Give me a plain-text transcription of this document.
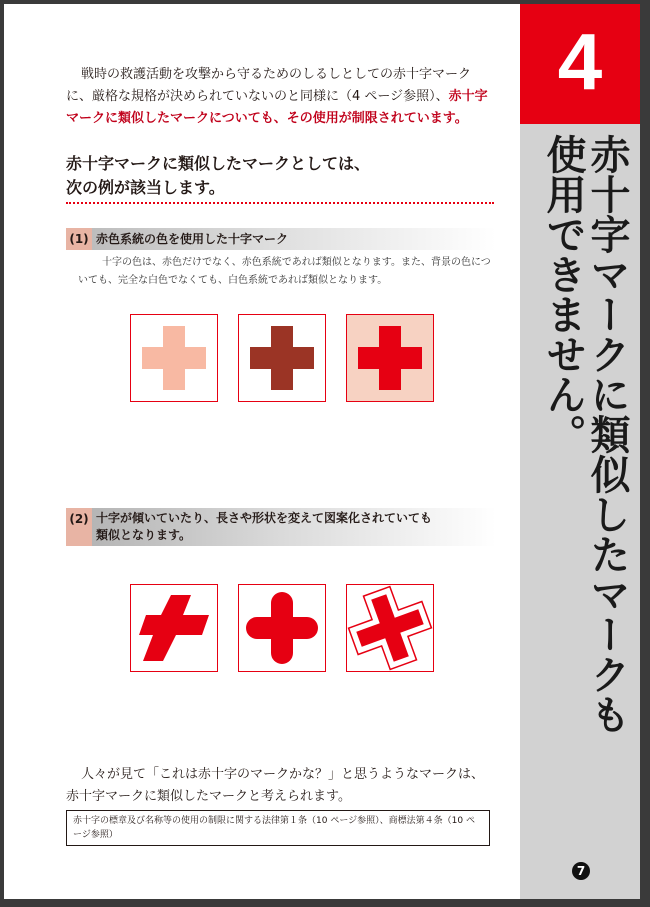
戦時の救護活動を攻撃から守るためのしるしとしての赤十字マークに、厳格な規格が決められていないのと同様に（4 ページ参照）、赤十字マークに類似したマークについても、その使用が制限されています。

赤十字マークに類似したマークとしては、
次の例が該当します。

(1) 赤色系統の色を使用した十字マーク

十字の色は、赤色だけでなく、赤色系統であれば類似となります。また、背景の色についても、完全な白色でなくても、白色系統であれば類似となります。

(2) 十字が傾いていたり、長さや形状を変えて図案化されていても
類似となります。

人々が見て「これは赤十字のマークかな？」と思うようなマークは、赤十字マークに類似したマークと考えられます。

赤十字の標章及び名称等の使用の制限に関する法律第１条（10 ページ参照）、商標法第４条（10 ページ参照）
4
赤十字マークに類似したマークも
使用できません。
7
